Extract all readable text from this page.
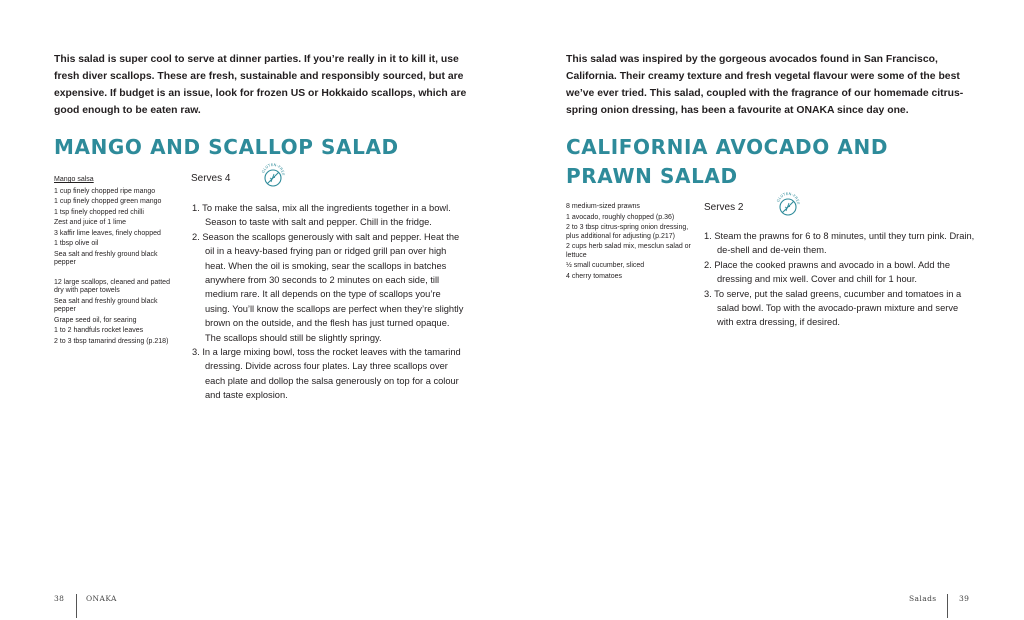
This salad is super cool to serve at dinner parties. If you’re really in it to kill it, use fresh diver scallops. These are fresh, sustainable and responsibly sourced, but are expensive. If budget is an issue, look for frozen US or Hokkaido scallops, which are good enough to be eaten raw.

MANGO AND SCALLOP SALAD
Mango salsa
1 cup finely chopped ripe mango
1 cup finely chopped green mango
1 tsp finely chopped red chilli
Zest and juice of 1 lime
3 kaffir lime leaves, finely chopped
1 tbsp olive oil
Sea salt and freshly ground black pepper
12 large scallops, cleaned and patted dry with paper towels
Sea salt and freshly ground black pepper
Grape seed oil, for searing
1 to 2 handfuls rocket leaves
2 to 3 tbsp tamarind dressing (p.218)
Serves 4
GLUTEN-FREE
1. To make the salsa, mix all the ingredients together in a bowl. Season to taste with salt and pepper. Chill in the fridge.
2. Season the scallops generously with salt and pepper. Heat the oil in a heavy-based frying pan or ridged grill pan over high heat. When the oil is smoking, sear the scallops in batches anywhere from 30 seconds to 2 minutes on each side, till medium rare. It all depends on the type of scallops you’re using. You’ll know the scallops are perfect when they’re slightly brown on the outside, and the flesh has just turned opaque. The scallops should still be slightly springy.
3. In a large mixing bowl, toss the rocket leaves with the tamarind dressing. Divide across four plates. Lay three scallops over each plate and dollop the salsa generously on top for a colour and taste explosion.
38	ONAKA

This salad was inspired by the gorgeous avocados found in San Francisco, California. Their creamy texture and fresh vegetal flavour were some of the best we’ve ever tried. This salad, coupled with the fragrance of our homemade citrus-spring onion dressing, has been a favourite at ONAKA since day one.

CALIFORNIA AVOCADO AND PRAWN SALAD
8 medium-sized prawns
1 avocado, roughly chopped (p.36)
2 to 3 tbsp citrus-spring onion dressing, plus additional for adjusting (p.217)
2 cups herb salad mix, mesclun salad or lettuce
½ small cucumber, sliced
4 cherry tomatoes
Serves 2
GLUTEN-FREE
1. Steam the prawns for 6 to 8 minutes, until they turn pink. Drain, de-shell and de-vein them.
2. Place the cooked prawns and avocado in a bowl. Add the dressing and mix well. Cover and chill for 1 hour.
3. To serve, put the salad greens, cucumber and tomatoes in a salad bowl. Top with the avocado-prawn mixture and serve with extra dressing, if desired.
Salads	39
